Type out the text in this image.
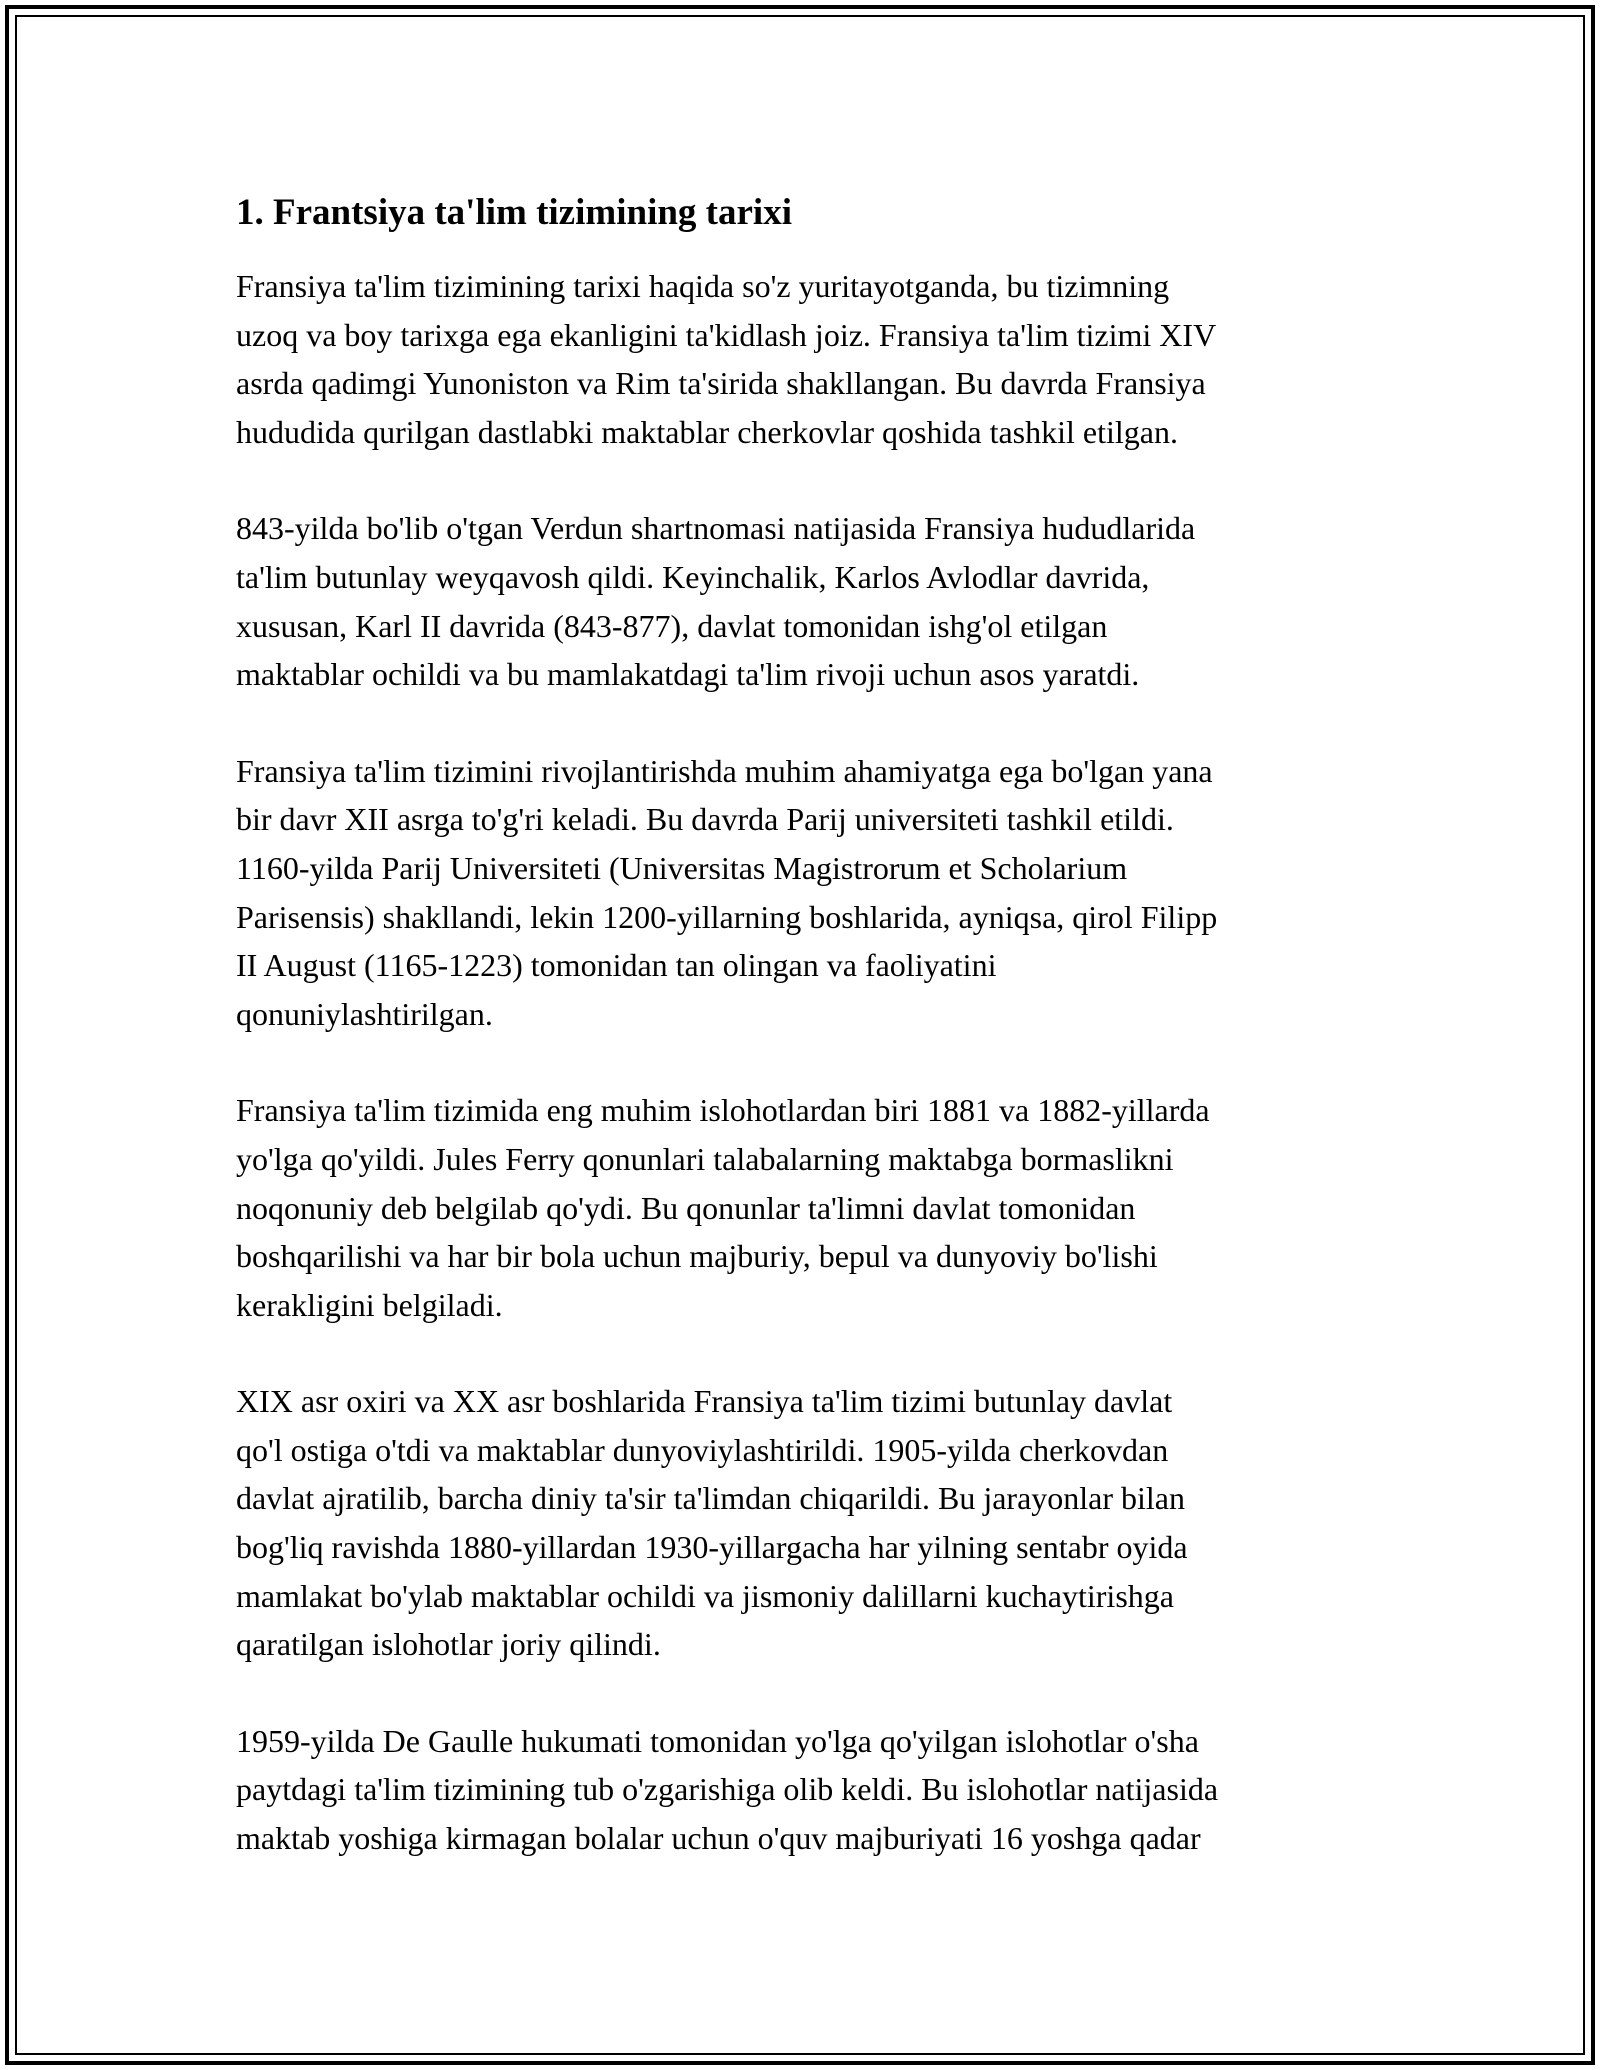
1. Frantsiya ta'lim tizimining tarixi
Fransiya ta'lim tizimining tarixi haqida so'z yuritayotganda, bu tizimning
uzoq va boy tarixga ega ekanligini ta'kidlash joiz. Fransiya ta'lim tizimi XIV
asrda qadimgi Yunoniston va Rim ta'sirida shakllangan. Bu davrda Fransiya
hududida qurilgan dastlabki maktablar cherkovlar qoshida tashkil etilgan.
843-yilda bo'lib o'tgan Verdun shartnomasi natijasida Fransiya hududlarida
ta'lim butunlay weyqavosh qildi. Keyinchalik, Karlos Avlodlar davrida,
xususan, Karl II davrida (843-877), davlat tomonidan ishg'ol etilgan
maktablar ochildi va bu mamlakatdagi ta'lim rivoji uchun asos yaratdi.
Fransiya ta'lim tizimini rivojlantirishda muhim ahamiyatga ega bo'lgan yana
bir davr XII asrga to'g'ri keladi. Bu davrda Parij universiteti tashkil etildi.
1160-yilda Parij Universiteti (Universitas Magistrorum et Scholarium
Parisensis) shakllandi, lekin 1200-yillarning boshlarida, ayniqsa, qirol Filipp
II August (1165-1223) tomonidan tan olingan va faoliyatini
qonuniylashtirilgan.
Fransiya ta'lim tizimida eng muhim islohotlardan biri 1881 va 1882-yillarda
yo'lga qo'yildi. Jules Ferry qonunlari talabalarning maktabga bormaslikni
noqonuniy deb belgilab qo'ydi. Bu qonunlar ta'limni davlat tomonidan
boshqarilishi va har bir bola uchun majburiy, bepul va dunyoviy bo'lishi
kerakligini belgiladi.
XIX asr oxiri va XX asr boshlarida Fransiya ta'lim tizimi butunlay davlat
qo'l ostiga o'tdi va maktablar dunyoviylashtirildi. 1905-yilda cherkovdan
davlat ajratilib, barcha diniy ta'sir ta'limdan chiqarildi. Bu jarayonlar bilan
bog'liq ravishda 1880-yillardan 1930-yillargacha har yilning sentabr oyida
mamlakat bo'ylab maktablar ochildi va jismoniy dalillarni kuchaytirishga
qaratilgan islohotlar joriy qilindi.
1959-yilda De Gaulle hukumati tomonidan yo'lga qo'yilgan islohotlar o'sha
paytdagi ta'lim tizimining tub o'zgarishiga olib keldi. Bu islohotlar natijasida
maktab yoshiga kirmagan bolalar uchun o'quv majburiyati 16 yoshga qadar
